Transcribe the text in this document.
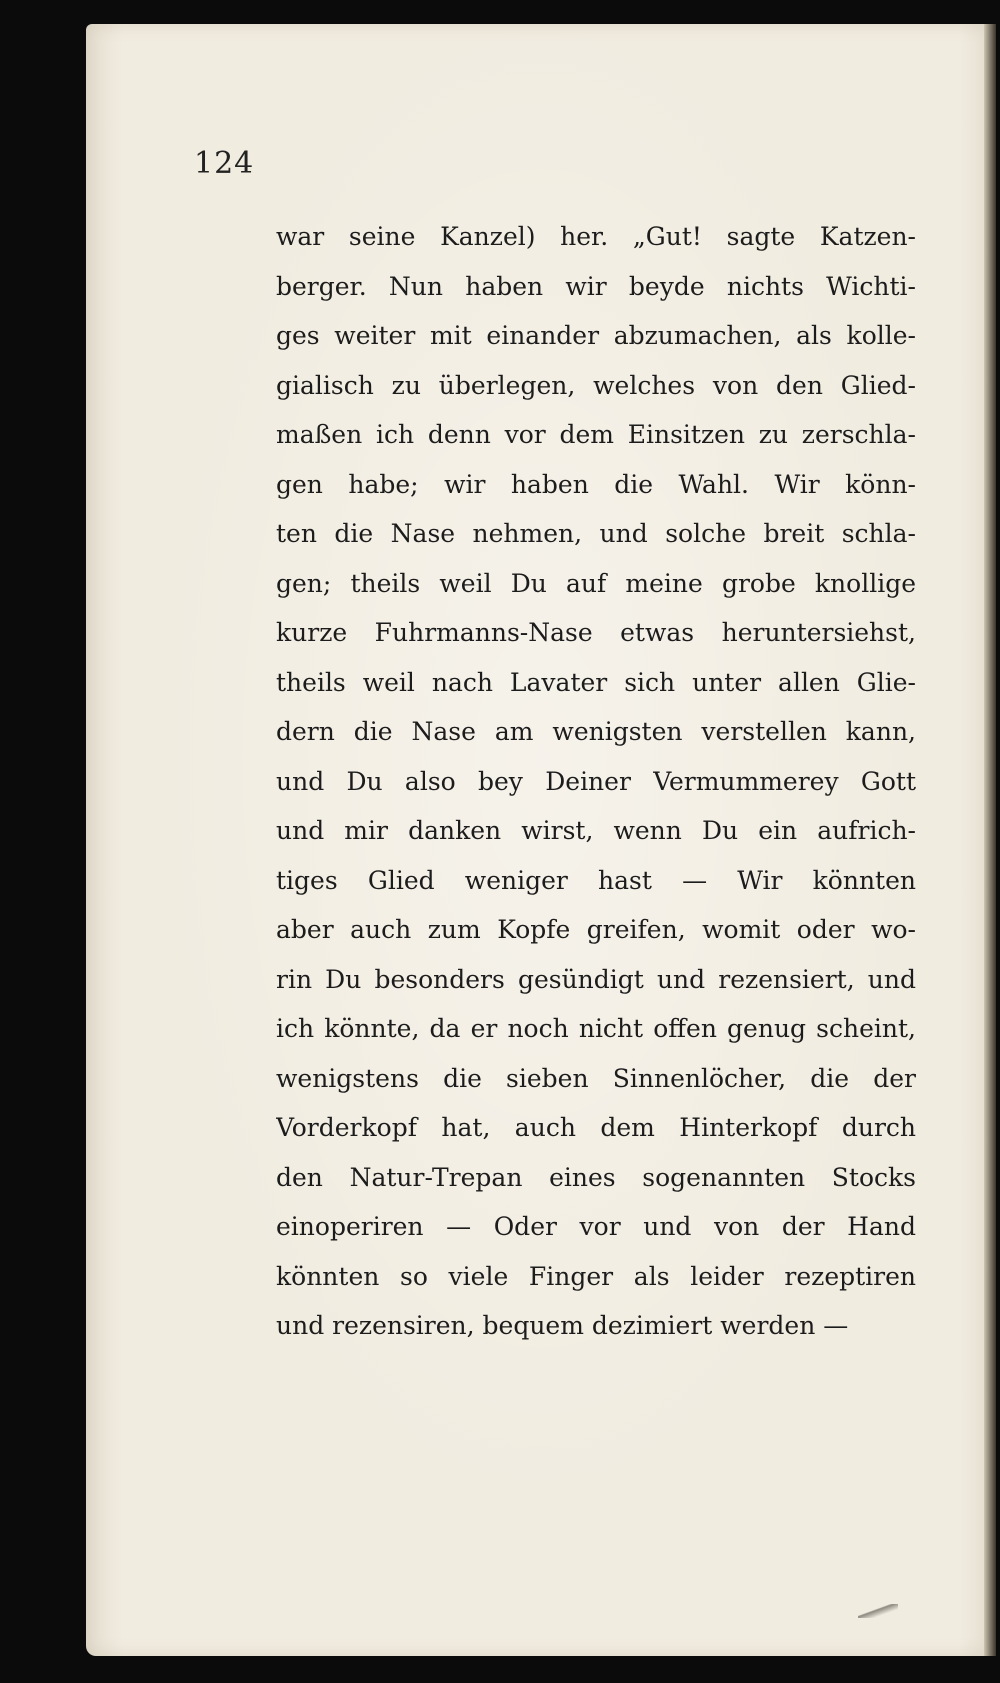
124
war seine Kanzel) her. „Gut! sagte Katzen-
berger. Nun haben wir beyde nichts Wichti-
ges weiter mit einander abzumachen, als kolle-
gialisch zu überlegen, welches von den Glied-
maßen ich denn vor dem Einsitzen zu zerschla-
gen habe; wir haben die Wahl. Wir könn-
ten die Nase nehmen, und solche breit schla-
gen; theils weil Du auf meine grobe knollige
kurze Fuhrmanns-Nase etwas heruntersiehst,
theils weil nach Lavater sich unter allen Glie-
dern die Nase am wenigsten verstellen kann,
und Du also bey Deiner Vermummerey Gott
und mir danken wirst, wenn Du ein aufrich-
tiges Glied weniger hast — Wir könnten
aber auch zum Kopfe greifen, womit oder wo-
rin Du besonders gesündigt und rezensiert, und
ich könnte, da er noch nicht offen genug scheint,
wenigstens die sieben Sinnenlöcher, die der
Vorderkopf hat, auch dem Hinterkopf durch
den Natur-Trepan eines sogenannten Stocks
einoperiren — Oder vor und von der Hand
könnten so viele Finger als leider rezeptiren
und rezensiren, bequem dezimiert werden —
